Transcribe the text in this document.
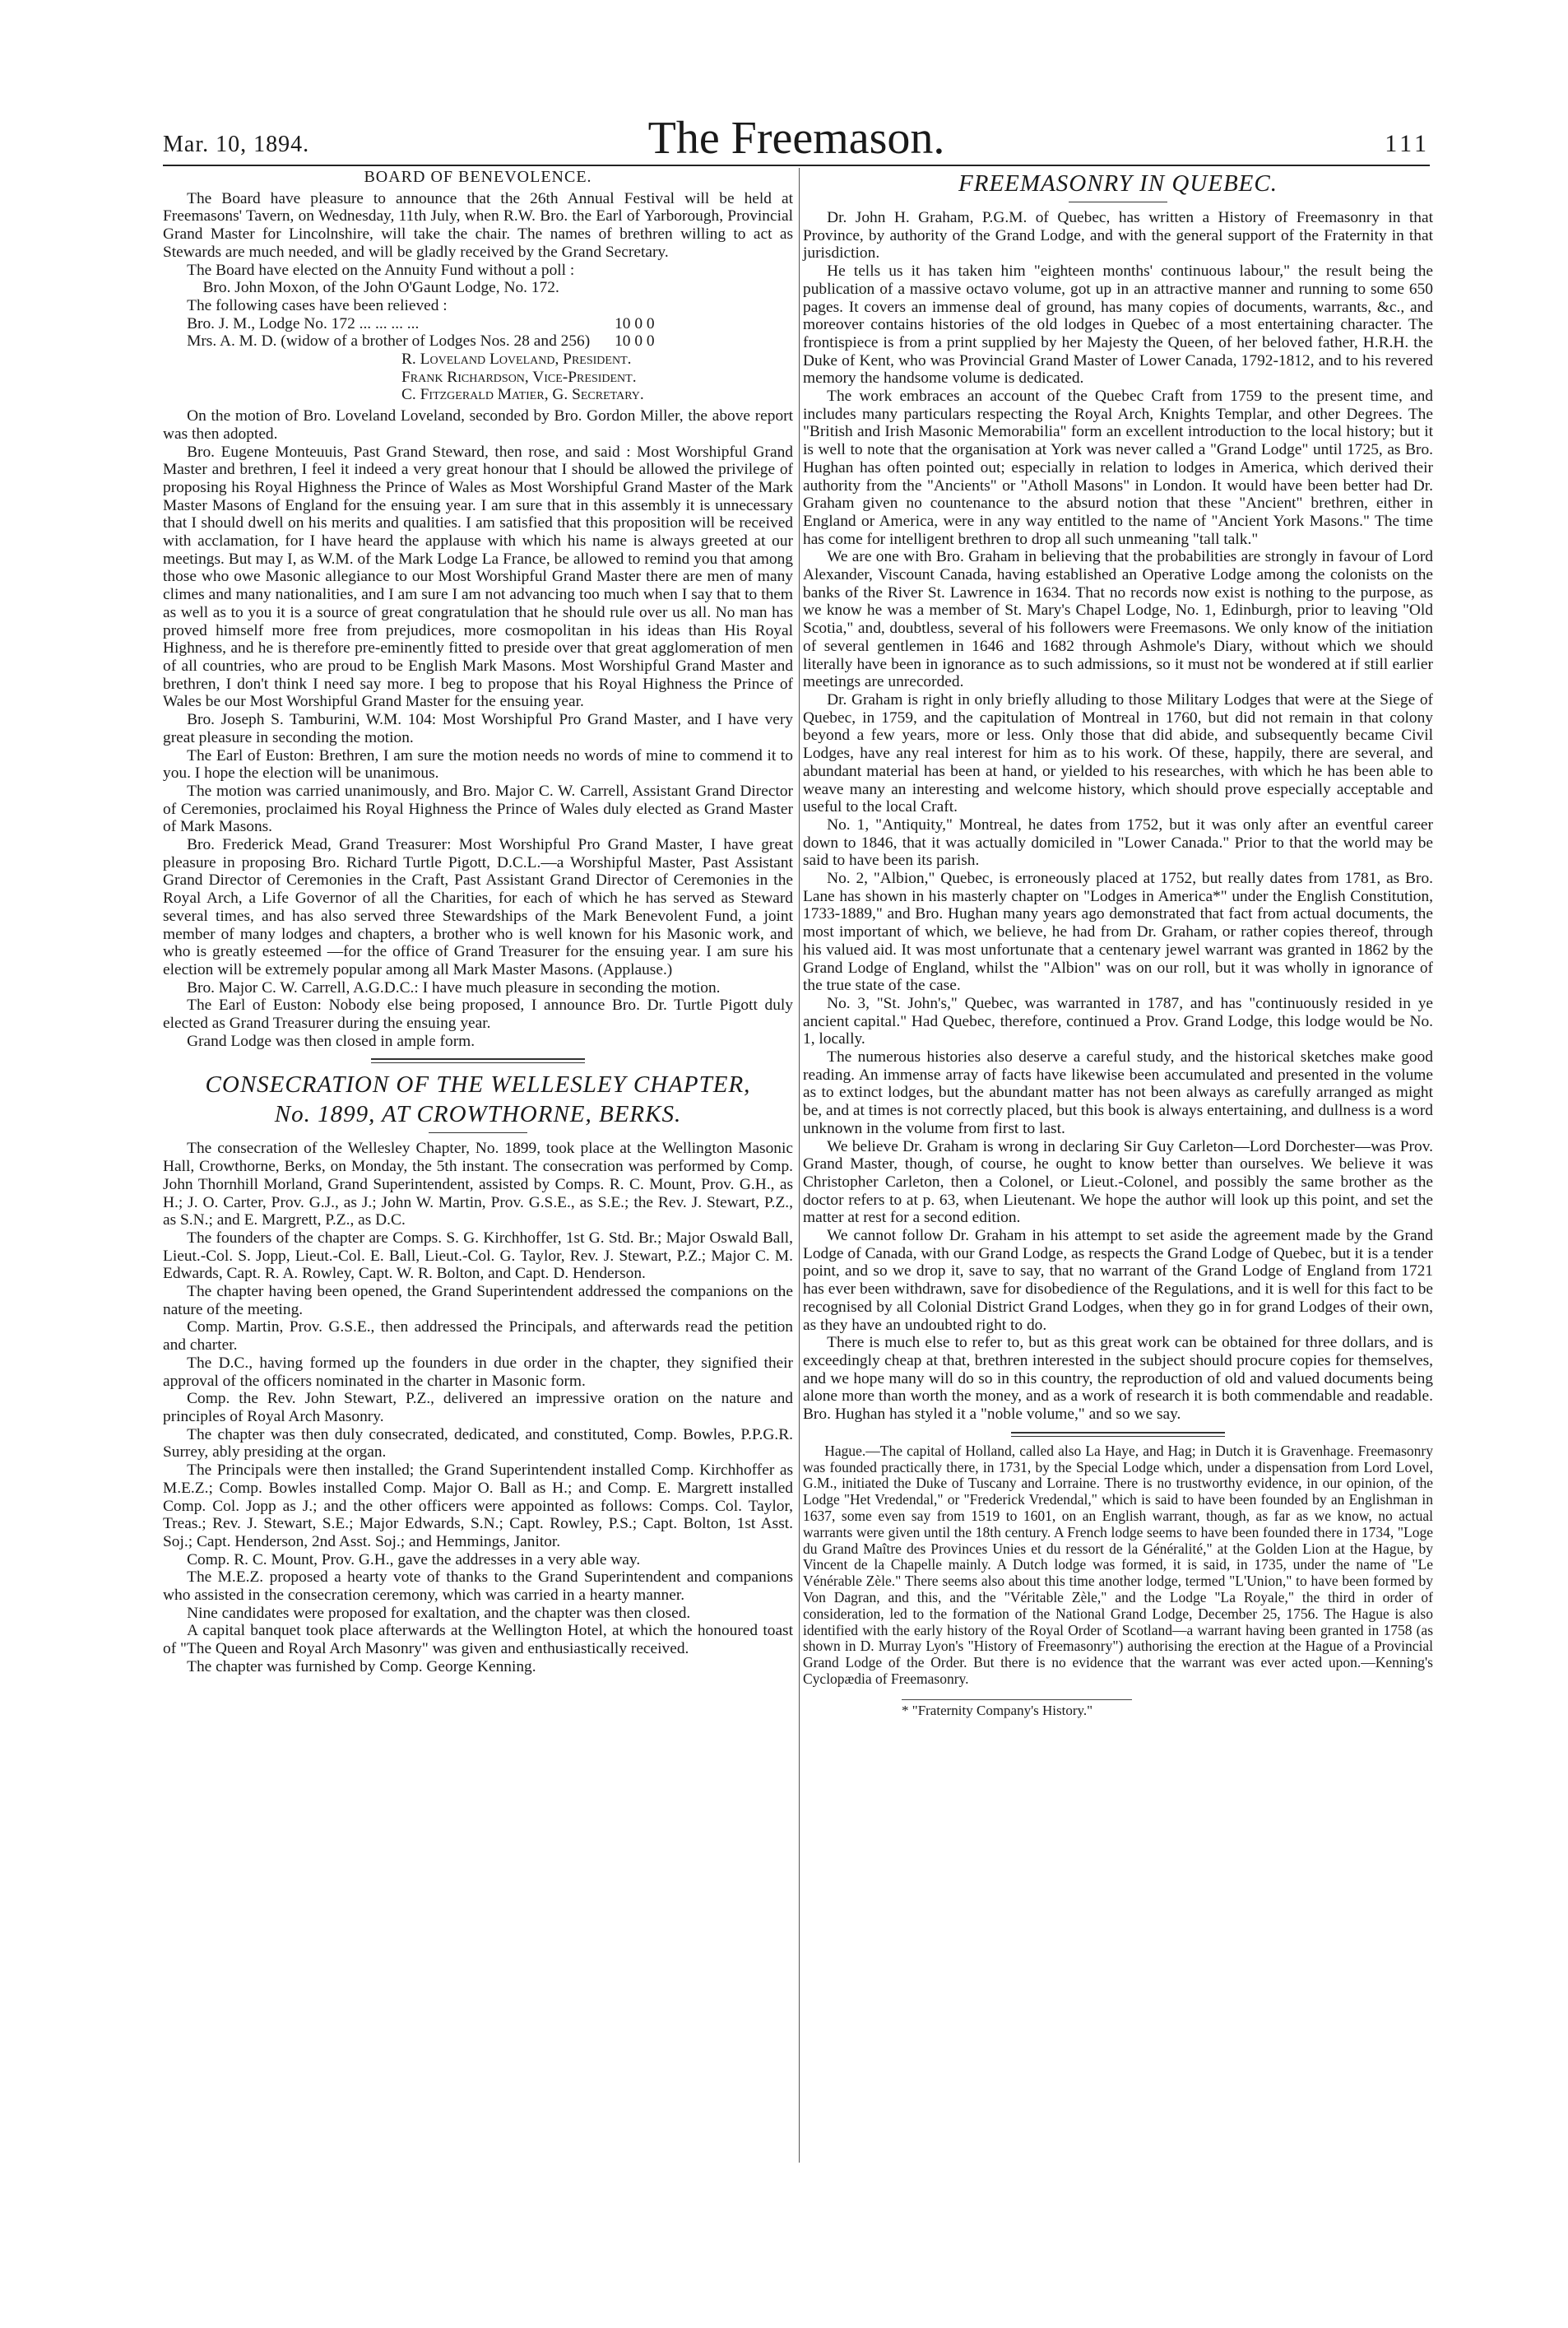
Mar. 10, 1894.	The Freemason.	111

BOARD OF BENEVOLENCE.

The Board have pleasure to announce that the 26th Annual Festival will be held at Freemasons' Tavern, on Wednesday, 11th July, when R.W. Bro. the Earl of Yarborough, Provincial Grand Master for Lincolnshire, will take the chair. The names of brethren willing to act as Stewards are much needed, and will be gladly received by the Grand Secretary.

The Board have elected on the Annuity Fund without a poll :

Bro. John Moxon, of the John O'Gaunt Lodge, No. 172.

The following cases have been relieved :

Bro. J. M., Lodge No. 172 ... ... ... ...	10 0 0
Mrs. A. M. D. (widow of a brother of Lodges Nos. 28 and 256)	10 0 0

R. Loveland Loveland, President.

Frank Richardson, Vice-President.

C. Fitzgerald Matier, G. Secretary.

On the motion of Bro. Loveland Loveland, seconded by Bro. Gordon Miller, the above report was then adopted.

Bro. Eugene Monteuuis, Past Grand Steward, then rose, and said : Most Worshipful Grand Master and brethren, I feel it indeed a very great honour that I should be allowed the privilege of proposing his Royal Highness the Prince of Wales as Most Worshipful Grand Master of the Mark Master Masons of England for the ensuing year. I am sure that in this assembly it is unnecessary that I should dwell on his merits and qualities. I am satisfied that this proposition will be received with acclamation, for I have heard the applause with which his name is always greeted at our meetings. But may I, as W.M. of the Mark Lodge La France, be allowed to remind you that among those who owe Masonic allegiance to our Most Worshipful Grand Master there are men of many climes and many nationalities, and I am sure I am not advancing too much when I say that to them as well as to you it is a source of great congratulation that he should rule over us all. No man has proved himself more free from prejudices, more cosmopolitan in his ideas than His Royal Highness, and he is therefore pre-eminently fitted to preside over that great agglomeration of men of all countries, who are proud to be English Mark Masons. Most Worshipful Grand Master and brethren, I don't think I need say more. I beg to propose that his Royal Highness the Prince of Wales be our Most Worshipful Grand Master for the ensuing year.

Bro. Joseph S. Tamburini, W.M. 104: Most Worshipful Pro Grand Master, and I have very great pleasure in seconding the motion.

The Earl of Euston: Brethren, I am sure the motion needs no words of mine to commend it to you. I hope the election will be unanimous.

The motion was carried unanimously, and Bro. Major C. W. Carrell, Assistant Grand Director of Ceremonies, proclaimed his Royal Highness the Prince of Wales duly elected as Grand Master of Mark Masons.

Bro. Frederick Mead, Grand Treasurer: Most Worshipful Pro Grand Master, I have great pleasure in proposing Bro. Richard Turtle Pigott, D.C.L.—a Worshipful Master, Past Assistant Grand Director of Ceremonies in the Craft, Past Assistant Grand Director of Ceremonies in the Royal Arch, a Life Governor of all the Charities, for each of which he has served as Steward several times, and has also served three Stewardships of the Mark Benevolent Fund, a joint member of many lodges and chapters, a brother who is well known for his Masonic work, and who is greatly esteemed —for the office of Grand Treasurer for the ensuing year. I am sure his election will be extremely popular among all Mark Master Masons. (Applause.)

Bro. Major C. W. Carrell, A.G.D.C.: I have much pleasure in seconding the motion.

The Earl of Euston: Nobody else being proposed, I announce Bro. Dr. Turtle Pigott duly elected as Grand Treasurer during the ensuing year.

Grand Lodge was then closed in ample form.

CONSECRATION OF THE WELLESLEY CHAPTER,

No. 1899, AT CROWTHORNE, BERKS.

The consecration of the Wellesley Chapter, No. 1899, took place at the Wellington Masonic Hall, Crowthorne, Berks, on Monday, the 5th instant. The consecration was performed by Comp. John Thornhill Morland, Grand Superintendent, assisted by Comps. R. C. Mount, Prov. G.H., as H.; J. O. Carter, Prov. G.J., as J.; John W. Martin, Prov. G.S.E., as S.E.; the Rev. J. Stewart, P.Z., as S.N.; and E. Margrett, P.Z., as D.C.

The founders of the chapter are Comps. S. G. Kirchhoffer, 1st G. Std. Br.; Major Oswald Ball, Lieut.-Col. S. Jopp, Lieut.-Col. E. Ball, Lieut.-Col. G. Taylor, Rev. J. Stewart, P.Z.; Major C. M. Edwards, Capt. R. A. Rowley, Capt. W. R. Bolton, and Capt. D. Henderson.

The chapter having been opened, the Grand Superintendent addressed the companions on the nature of the meeting.

Comp. Martin, Prov. G.S.E., then addressed the Principals, and afterwards read the petition and charter.

The D.C., having formed up the founders in due order in the chapter, they signified their approval of the officers nominated in the charter in Masonic form.

Comp. the Rev. John Stewart, P.Z., delivered an impressive oration on the nature and principles of Royal Arch Masonry.

The chapter was then duly consecrated, dedicated, and constituted, Comp. Bowles, P.P.G.R. Surrey, ably presiding at the organ.

The Principals were then installed; the Grand Superintendent installed Comp. Kirchhoffer as M.E.Z.; Comp. Bowles installed Comp. Major O. Ball as H.; and Comp. E. Margrett installed Comp. Col. Jopp as J.; and the other officers were appointed as follows: Comps. Col. Taylor, Treas.; Rev. J. Stewart, S.E.; Major Edwards, S.N.; Capt. Rowley, P.S.; Capt. Bolton, 1st Asst. Soj.; Capt. Henderson, 2nd Asst. Soj.; and Hemmings, Janitor.

Comp. R. C. Mount, Prov. G.H., gave the addresses in a very able way.

The M.E.Z. proposed a hearty vote of thanks to the Grand Superintendent and companions who assisted in the consecration ceremony, which was carried in a hearty manner.

Nine candidates were proposed for exaltation, and the chapter was then closed.

A capital banquet took place afterwards at the Wellington Hotel, at which the honoured toast of "The Queen and Royal Arch Masonry" was given and enthusiastically received.

The chapter was furnished by Comp. George Kenning.

FREEMASONRY IN QUEBEC.

Dr. John H. Graham, P.G.M. of Quebec, has written a History of Freemasonry in that Province, by authority of the Grand Lodge, and with the general support of the Fraternity in that jurisdiction.

He tells us it has taken him "eighteen months' continuous labour," the result being the publication of a massive octavo volume, got up in an attractive manner and running to some 650 pages. It covers an immense deal of ground, has many copies of documents, warrants, &c., and moreover contains histories of the old lodges in Quebec of a most entertaining character. The frontispiece is from a print supplied by her Majesty the Queen, of her beloved father, H.R.H. the Duke of Kent, who was Provincial Grand Master of Lower Canada, 1792-1812, and to his revered memory the handsome volume is dedicated.

The work embraces an account of the Quebec Craft from 1759 to the present time, and includes many particulars respecting the Royal Arch, Knights Templar, and other Degrees. The "British and Irish Masonic Memorabilia" form an excellent introduction to the local history; but it is well to note that the organisation at York was never called a "Grand Lodge" until 1725, as Bro. Hughan has often pointed out; especially in relation to lodges in America, which derived their authority from the "Ancients" or "Atholl Masons" in London. It would have been better had Dr. Graham given no countenance to the absurd notion that these "Ancient" brethren, either in England or America, were in any way entitled to the name of "Ancient York Masons." The time has come for intelligent brethren to drop all such unmeaning "tall talk."

We are one with Bro. Graham in believing that the probabilities are strongly in favour of Lord Alexander, Viscount Canada, having established an Operative Lodge among the colonists on the banks of the River St. Lawrence in 1634. That no records now exist is nothing to the purpose, as we know he was a member of St. Mary's Chapel Lodge, No. 1, Edinburgh, prior to leaving "Old Scotia," and, doubtless, several of his followers were Freemasons. We only know of the initiation of several gentlemen in 1646 and 1682 through Ashmole's Diary, without which we should literally have been in ignorance as to such admissions, so it must not be wondered at if still earlier meetings are unrecorded.

Dr. Graham is right in only briefly alluding to those Military Lodges that were at the Siege of Quebec, in 1759, and the capitulation of Montreal in 1760, but did not remain in that colony beyond a few years, more or less. Only those that did abide, and subsequently became Civil Lodges, have any real interest for him as to his work. Of these, happily, there are several, and abundant material has been at hand, or yielded to his researches, with which he has been able to weave many an interesting and welcome history, which should prove especially acceptable and useful to the local Craft.

No. 1, "Antiquity," Montreal, he dates from 1752, but it was only after an eventful career down to 1846, that it was actually domiciled in "Lower Canada." Prior to that the world may be said to have been its parish.

No. 2, "Albion," Quebec, is erroneously placed at 1752, but really dates from 1781, as Bro. Lane has shown in his masterly chapter on "Lodges in America*" under the English Constitution, 1733-1889," and Bro. Hughan many years ago demonstrated that fact from actual documents, the most important of which, we believe, he had from Dr. Graham, or rather copies thereof, through his valued aid. It was most unfortunate that a centenary jewel warrant was granted in 1862 by the Grand Lodge of England, whilst the "Albion" was on our roll, but it was wholly in ignorance of the true state of the case.

No. 3, "St. John's," Quebec, was warranted in 1787, and has "continuously resided in ye ancient capital." Had Quebec, therefore, continued a Prov. Grand Lodge, this lodge would be No. 1, locally.

The numerous histories also deserve a careful study, and the historical sketches make good reading. An immense array of facts have likewise been accumulated and presented in the volume as to extinct lodges, but the abundant matter has not been always as carefully arranged as might be, and at times is not correctly placed, but this book is always entertaining, and dullness is a word unknown in the volume from first to last.

We believe Dr. Graham is wrong in declaring Sir Guy Carleton—Lord Dorchester—was Prov. Grand Master, though, of course, he ought to know better than ourselves. We believe it was Christopher Carleton, then a Colonel, or Lieut.-Colonel, and possibly the same brother as the doctor refers to at p. 63, when Lieutenant. We hope the author will look up this point, and set the matter at rest for a second edition.

We cannot follow Dr. Graham in his attempt to set aside the agreement made by the Grand Lodge of Canada, with our Grand Lodge, as respects the Grand Lodge of Quebec, but it is a tender point, and so we drop it, save to say, that no warrant of the Grand Lodge of England from 1721 has ever been withdrawn, save for disobedience of the Regulations, and it is well for this fact to be recognised by all Colonial District Grand Lodges, when they go in for grand Lodges of their own, as they have an undoubted right to do.

There is much else to refer to, but as this great work can be obtained for three dollars, and is exceedingly cheap at that, brethren interested in the subject should procure copies for themselves, and we hope many will do so in this country, the reproduction of old and valued documents being alone more than worth the money, and as a work of research it is both commendable and readable. Bro. Hughan has styled it a "noble volume," and so we say.

Hague.—The capital of Holland, called also La Haye, and Hag; in Dutch it is Gravenhage. Freemasonry was founded practically there, in 1731, by the Special Lodge which, under a dispensation from Lord Lovel, G.M., initiated the Duke of Tuscany and Lorraine. There is no trustworthy evidence, in our opinion, of the Lodge "Het Vredendal," or "Frederick Vredendal," which is said to have been founded by an Englishman in 1637, some even say from 1519 to 1601, on an English warrant, though, as far as we know, no actual warrants were given until the 18th century. A French lodge seems to have been founded there in 1734, "Loge du Grand Maître des Provinces Unies et du ressort de la Généralité," at the Golden Lion at the Hague, by Vincent de la Chapelle mainly. A Dutch lodge was formed, it is said, in 1735, under the name of "Le Vénérable Zèle." There seems also about this time another lodge, termed "L'Union," to have been formed by Von Dagran, and this, and the "Véritable Zèle," and the Lodge "La Royale," the third in order of consideration, led to the formation of the National Grand Lodge, December 25, 1756. The Hague is also identified with the early history of the Royal Order of Scotland—a warrant having been granted in 1758 (as shown in D. Murray Lyon's "History of Freemasonry") authorising the erection at the Hague of a Provincial Grand Lodge of the Order. But there is no evidence that the warrant was ever acted upon.—Kenning's Cyclopædia of Freemasonry.

* "Fraternity Company's History."
